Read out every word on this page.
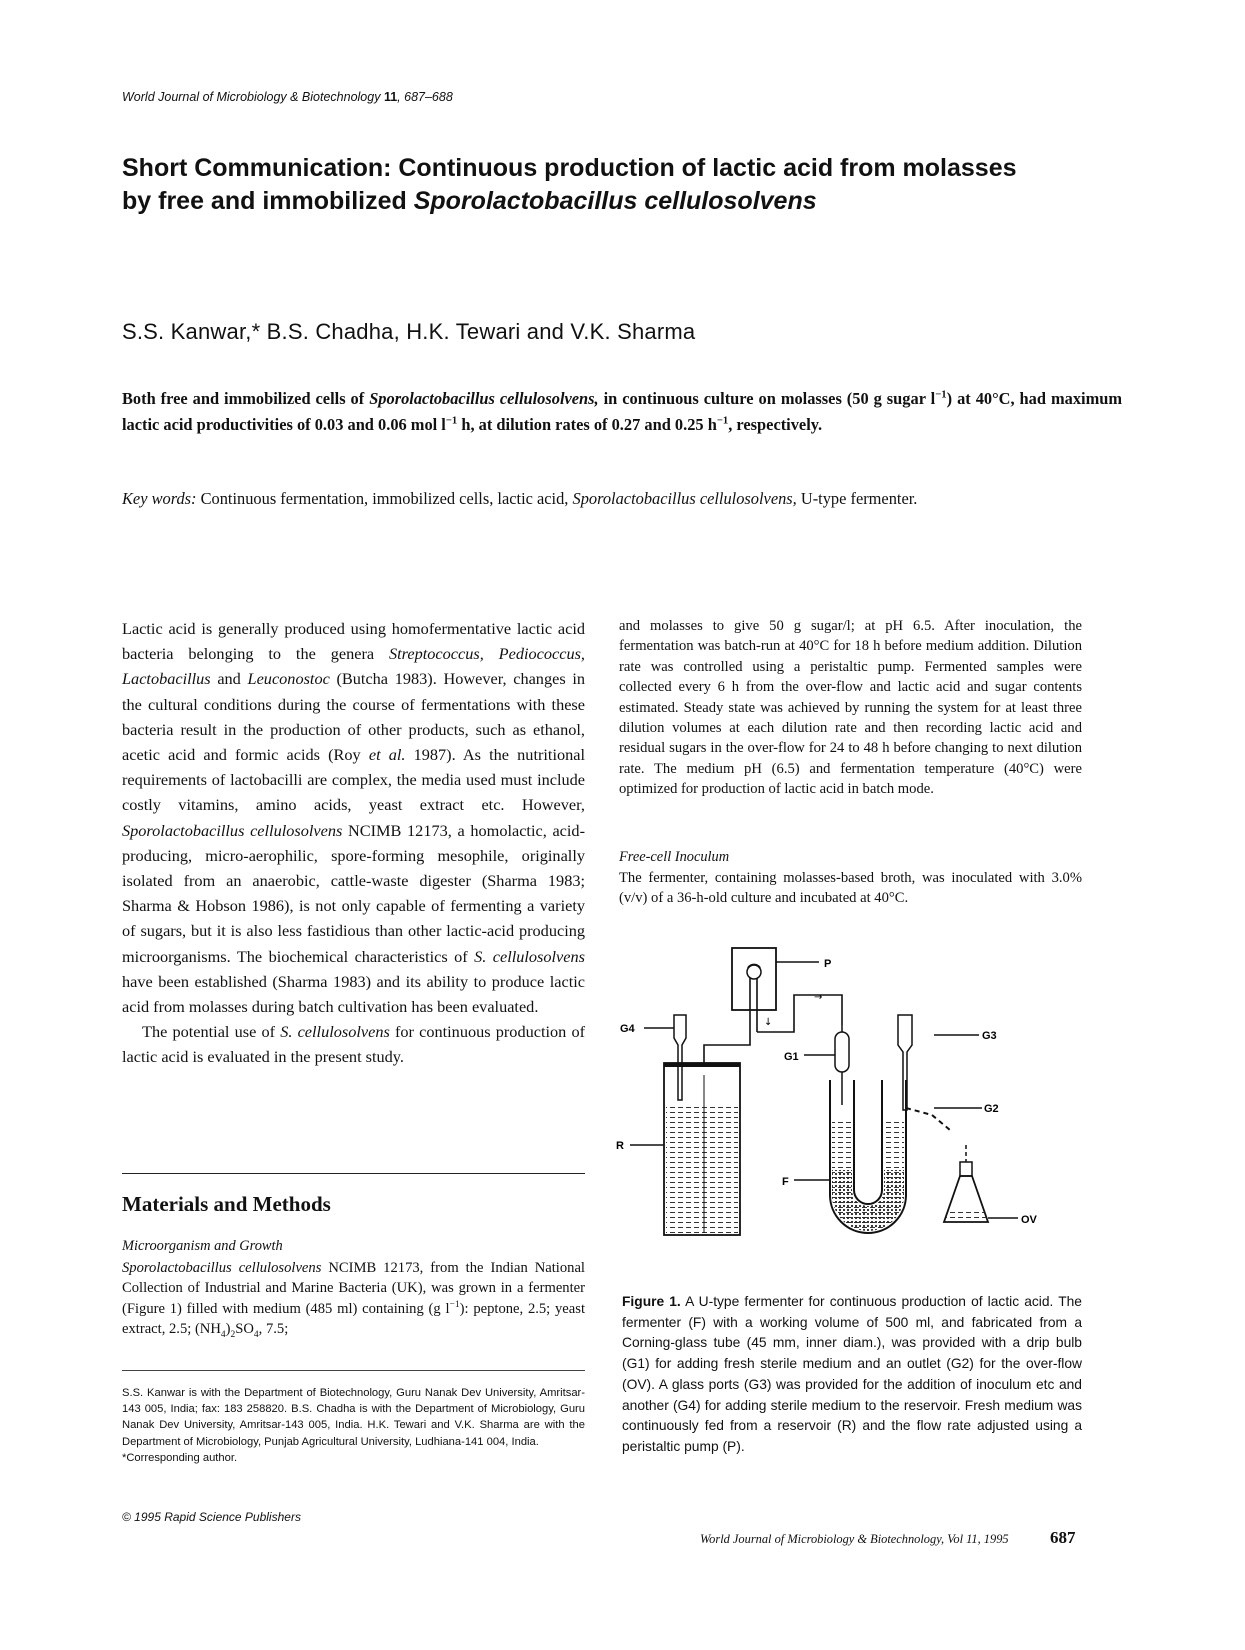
World Journal of Microbiology & Biotechnology 11, 687–688
Short Communication: Continuous production of lactic acid from molasses
by free and immobilized Sporolactobacillus cellulosolvens
S.S. Kanwar,* B.S. Chadha, H.K. Tewari and V.K. Sharma
Both free and immobilized cells of Sporolactobacillus cellulosolvens, in continuous culture on molasses (50 g sugar $l^{-1}$) at 40°C, had maximum lactic acid productivities of 0.03 and 0.06 mol $l^{-1}$ h, at dilution rates of 0.27 and 0.25 $h^{-1}$, respectively.
Key words: Continuous fermentation, immobilized cells, lactic acid, Sporolactobacillus cellulosolvens, U-type fermenter.

Lactic acid is generally produced using homofermentative lactic acid bacteria belonging to the genera Streptococcus, Pediococcus, Lactobacillus and Leuconostoc (Butcha 1983). However, changes in the cultural conditions during the course of fermentations with these bacteria result in the production of other products, such as ethanol, acetic acid and formic acids (Roy et al. 1987). As the nutritional requirements of lactobacilli are complex, the media used must include costly vitamins, amino acids, yeast extract etc. However, Sporolactobacillus cellulosolvens NCIMB 12173, a homolactic, acid-producing, micro-aerophilic, spore-forming mesophile, originally isolated from an anaerobic, cattle-waste digester (Sharma 1983; Sharma & Hobson 1986), is not only capable of fermenting a variety of sugars, but it is also less fastidious than other lactic-acid producing microorganisms. The biochemical characteristics of S. cellulosolvens have been established (Sharma 1983) and its ability to produce lactic acid from molasses during batch cultivation has been evaluated.

The potential use of S. cellulosolvens for continuous production of lactic acid is evaluated in the present study.

Materials and Methods
Microorganism and Growth
Sporolactobacillus cellulosolvens NCIMB 12173, from the Indian National Collection of Industrial and Marine Bacteria (UK), was grown in a fermenter (Figure 1) filled with medium (485 ml) containing (g $l^{-1}$): peptone, 2.5; yeast extract, 2.5; $(NH_4)_2SO_4$, 7.5;
S.S. Kanwar is with the Department of Biotechnology, Guru Nanak Dev University, Amritsar-143 005, India; fax: 183 258820. B.S. Chadha is with the Department of Microbiology, Guru Nanak Dev University, Amritsar-143 005, India. H.K. Tewari and V.K. Sharma are with the Department of Microbiology, Punjab Agricultural University, Ludhiana-141 004, India.
*Corresponding author.
© 1995 Rapid Science Publishers
and molasses to give 50 g sugar/l; at pH 6.5. After inoculation, the fermentation was batch-run at 40°C for 18 h before medium addition. Dilution rate was controlled using a peristaltic pump. Fermented samples were collected every 6 h from the over-flow and lactic acid and sugar contents estimated. Steady state was achieved by running the system for at least three dilution volumes at each dilution rate and then recording lactic acid and residual sugars in the over-flow for 24 to 48 h before changing to next dilution rate. The medium pH (6.5) and fermentation temperature (40°C) were optimized for production of lactic acid in batch mode.
Free-cell Inoculum
The fermenter, containing molasses-based broth, was inoculated with 3.0% (v/v) of a 36-h-old culture and incubated at 40°C.
P
↓
→
G4
R
G1
F
G3
G2
OV
Figure 1. A U-type fermenter for continuous production of lactic acid. The fermenter (F) with a working volume of 500 ml, and fabricated from a Corning-glass tube (45 mm, inner diam.), was provided with a drip bulb (G1) for adding fresh sterile medium and an outlet (G2) for the over-flow (OV). A glass ports (G3) was provided for the addition of inoculum etc and another (G4) for adding sterile medium to the reservoir. Fresh medium was continuously fed from a reservoir (R) and the flow rate adjusted using a peristaltic pump (P).
World Journal of Microbiology & Biotechnology, Vol 11, 1995 687
